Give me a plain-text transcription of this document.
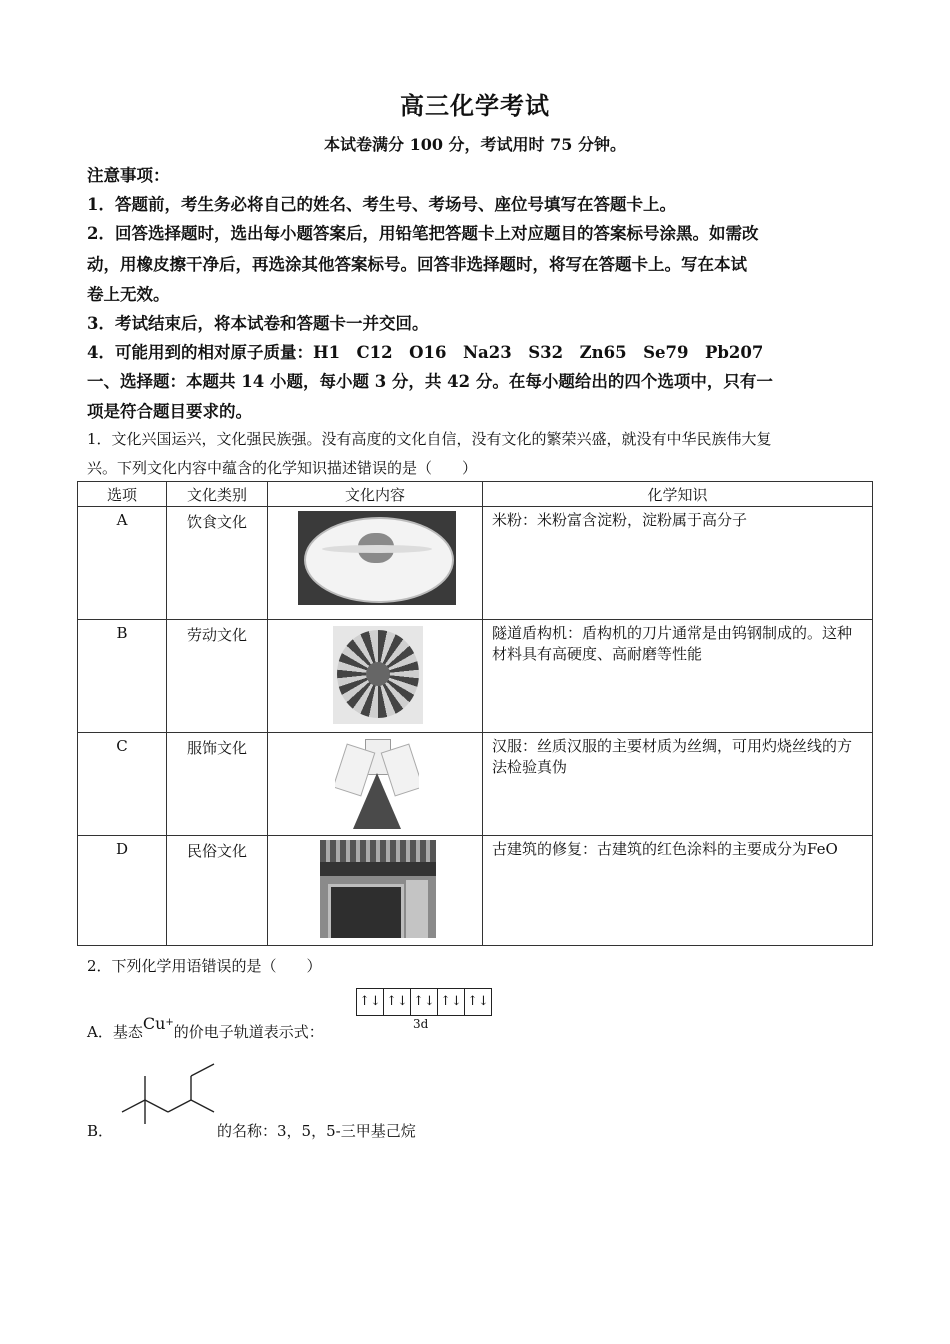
高三化学考试
本试卷满分 100 分，考试用时 75 分钟。
注意事项：
1．答题前，考生务必将自己的姓名、考生号、考场号、座位号填写在答题卡上。
2．回答选择题时，选出每小题答案后，用铅笔把答题卡上对应题目的答案标号涂黑。如需改
动，用橡皮擦干净后，再选涂其他答案标号。回答非选择题时，将写在答题卡上。写在本试
卷上无效。
3．考试结束后，将本试卷和答题卡一并交回。
4．可能用到的相对原子质量：H1　C12　O16　Na23　S32　Zn65　Se79　Pb207
一、选择题：本题共 14 小题，每小题 3 分，共 42 分。在每小题给出的四个选项中，只有一
项是符合题目要求的。
1．文化兴国运兴，文化强民族强。没有高度的文化自信，没有文化的繁荣兴盛，就没有中华民族伟大复
兴。下列文化内容中蕴含的化学知识描述错误的是（　　）
选项	文化类别	文化内容	化学知识
A	饮食文化		米粉：米粉富含淀粉，淀粉属于高分子
B	劳动文化		隧道盾构机：盾构机的刀片通常是由钨钢制成的。这种材料具有高硬度、高耐磨等性能
C	服饰文化		汉服：丝质汉服的主要材质为丝绸，可用灼烧丝线的方法检验真伪
D	民俗文化		古建筑的修复：古建筑的红色涂料的主要成分为FeO
2．下列化学用语错误的是（　　）
A．基态Cu+的价电子轨道表示式：
↑↓ ↑↓ ↑↓ ↑↓ ↑↓
3d
B．	的名称：3，5，5-三甲基己烷
